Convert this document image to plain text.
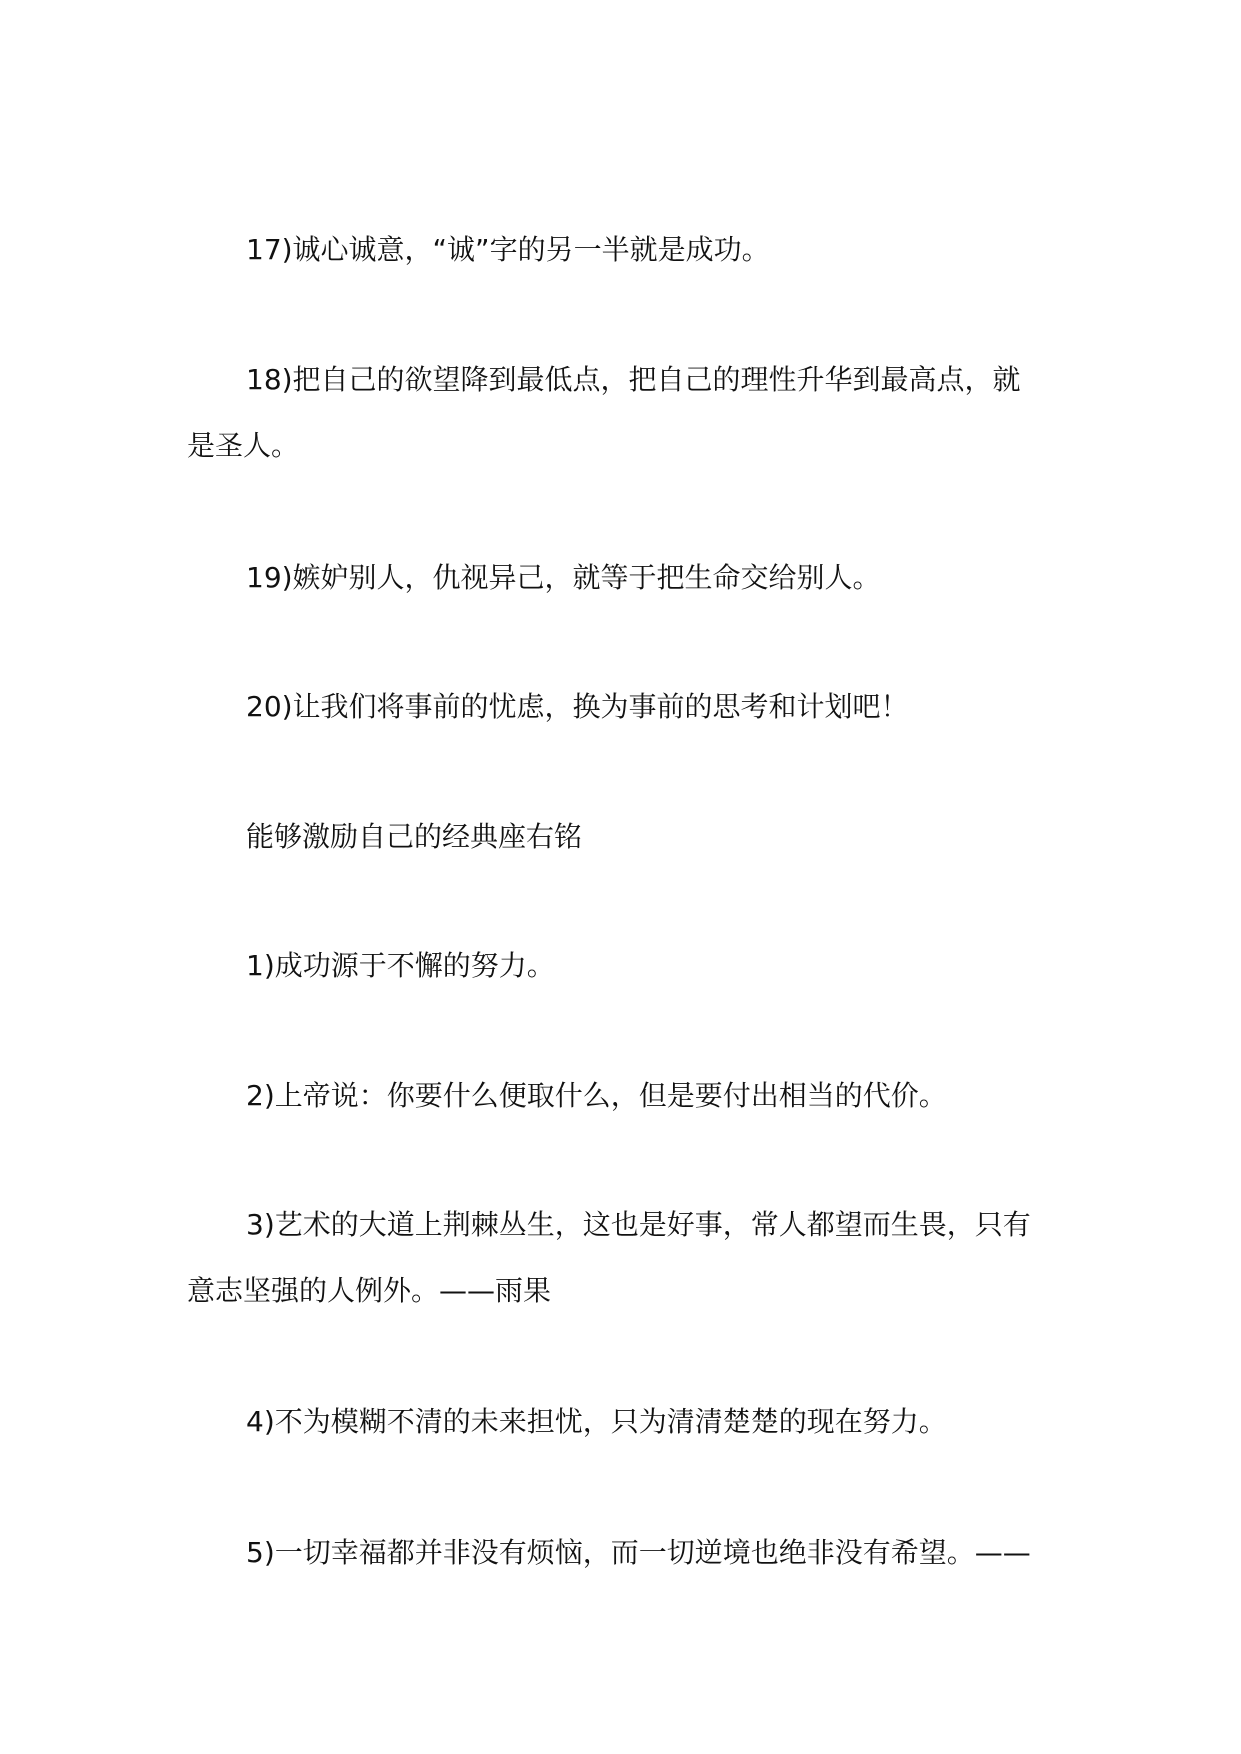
17)诚心诚意，“诚”字的另一半就是成功。
18)把自己的欲望降到最低点，把自己的理性升华到最高点，就
是圣人。
19)嫉妒别人，仇视异己，就等于把生命交给别人。
20)让我们将事前的忧虑，换为事前的思考和计划吧！
能够激励自己的经典座右铭
1)成功源于不懈的努力。
2)上帝说：你要什么便取什么，但是要付出相当的代价。
3)艺术的大道上荆棘丛生，这也是好事，常人都望而生畏，只有
意志坚强的人例外。——雨果
4)不为模糊不清的未来担忧，只为清清楚楚的现在努力。
5)一切幸福都并非没有烦恼，而一切逆境也绝非没有希望。——
